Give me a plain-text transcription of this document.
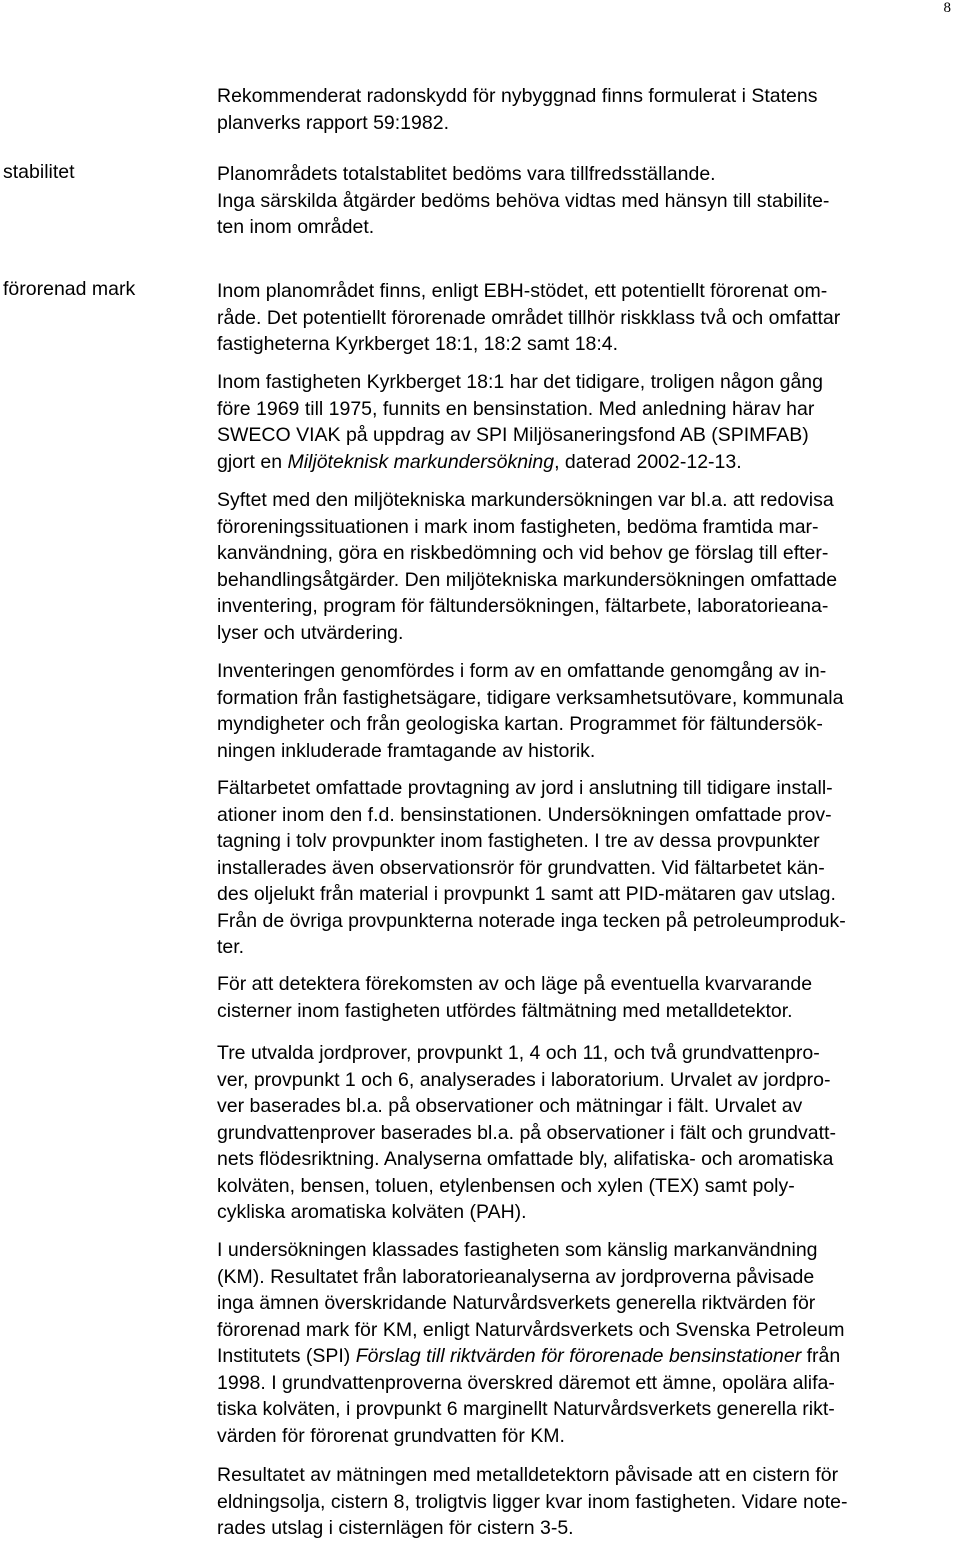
8
stabilitet
förorenad mark
Rekommenderat radonskydd för nybyggnad finns formulerat i Statens
planverks rapport 59:1982.
Planområdets totalstablitet bedöms vara tillfredsställande.
Inga särskilda åtgärder bedöms behöva vidtas med hänsyn till stabilite-
ten inom området.
Inom planområdet finns, enligt EBH-stödet, ett potentiellt förorenat om-
råde. Det potentiellt förorenade området tillhör riskklass två och omfattar
fastigheterna Kyrkberget 18:1, 18:2 samt 18:4.
Inom fastigheten Kyrkberget 18:1 har det tidigare, troligen någon gång
före 1969 till 1975, funnits en bensinstation. Med anledning härav har
SWECO VIAK på uppdrag av SPI Miljösaneringsfond AB (SPIMFAB)
gjort en Miljöteknisk markundersökning, daterad 2002-12-13.
Syftet med den miljötekniska markundersökningen var bl.a. att redovisa
föroreningssituationen i mark inom fastigheten, bedöma framtida mar-
kanvändning, göra en riskbedömning och vid behov ge förslag till efter-
behandlingsåtgärder. Den miljötekniska markundersökningen omfattade
inventering, program för fältundersökningen, fältarbete, laboratorieana-
lyser och utvärdering.
Inventeringen genomfördes i form av en omfattande genomgång av in-
formation från fastighetsägare, tidigare verksamhetsutövare, kommunala
myndigheter och från geologiska kartan. Programmet för fältundersök-
ningen inkluderade framtagande av historik.
Fältarbetet omfattade provtagning av jord i anslutning till tidigare install-
ationer inom den f.d. bensinstationen. Undersökningen omfattade prov-
tagning i tolv provpunkter inom fastigheten. I tre av dessa provpunkter
installerades även observationsrör för grundvatten. Vid fältarbetet kän-
des oljelukt från material i provpunkt 1 samt att PID-mätaren gav utslag.
Från de övriga provpunkterna noterade inga tecken på petroleumproduk-
ter.
För att detektera förekomsten av och läge på eventuella kvarvarande
cisterner inom fastigheten utfördes fältmätning med metalldetektor.
Tre utvalda jordprover, provpunkt 1, 4 och 11, och två grundvattenpro-
ver, provpunkt 1 och 6, analyserades i laboratorium. Urvalet av jordpro-
ver baserades bl.a. på observationer och mätningar i fält. Urvalet av
grundvattenprover baserades bl.a. på observationer i fält och grundvatt-
nets flödesriktning. Analyserna omfattade bly, alifatiska- och aromatiska
kolväten, bensen, toluen, etylenbensen och xylen (TEX) samt poly-
cykliska aromatiska kolväten (PAH).
I undersökningen klassades fastigheten som känslig markanvändning
(KM). Resultatet från laboratorieanalyserna av jordproverna påvisade
inga ämnen överskridande Naturvårdsverkets generella riktvärden för
förorenad mark för KM, enligt Naturvårdsverkets och Svenska Petroleum
Institutets (SPI) Förslag till riktvärden för förorenade bensinstationer från
1998. I grundvattenproverna överskred däremot ett ämne, opolära alifa-
tiska kolväten, i provpunkt 6 marginellt Naturvårdsverkets generella rikt-
värden för förorenat grundvatten för KM.
Resultatet av mätningen med metalldetektorn påvisade att en cistern för
eldningsolja, cistern 8, troligtvis ligger kvar inom fastigheten. Vidare note-
rades utslag i cisternlägen för cistern 3-5.
